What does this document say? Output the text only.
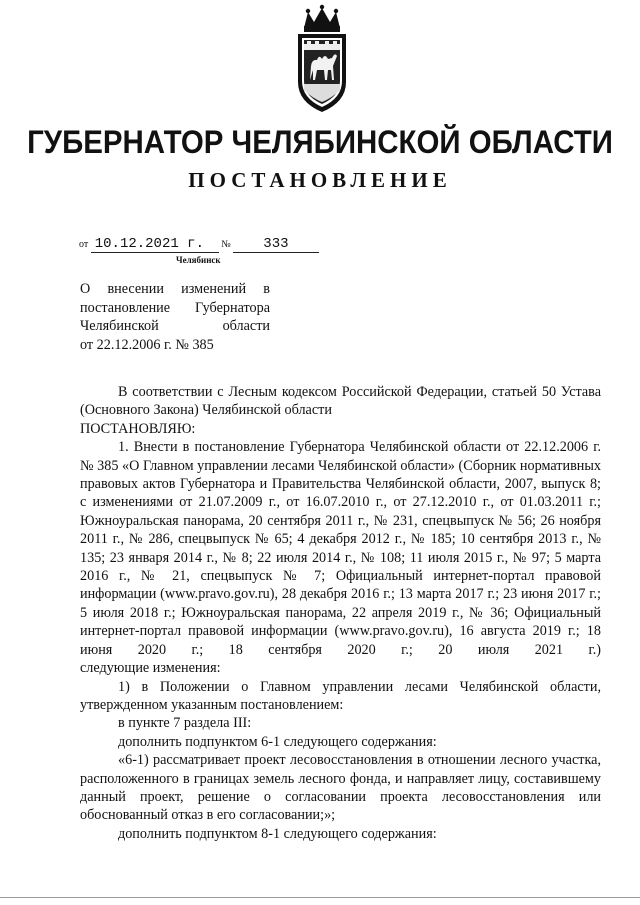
ГУБЕРНАТОР ЧЕЛЯБИНСКОЙ ОБЛАСТИ
ПОСТАНОВЛЕНИЕ
от 10.12.2021 г. № 333
Челябинск
О внесении изменений в
постановление Губернатора
Челябинской области
от 22.12.2006 г. № 385
В соответствии с Лесным кодексом Российской Федерации, статьей 50 Устава (Основного Закона) Челябинской области
ПОСТАНОВЛЯЮ:
1. Внести в постановление Губернатора Челябинской области от 22.12.2006 г. № 385 «О Главном управлении лесами Челябинской области» (Сборник нормативных правовых актов Губернатора и Правительства Челябинской области, 2007, выпуск 8; с изменениями от 21.07.2009 г., от 16.07.2010 г., от 27.12.2010 г., от 01.03.2011 г.; Южноуральская панорама, 20 сентября 2011 г., № 231, спецвыпуск № 56; 26 ноября 2011 г., № 286, спецвыпуск № 65; 4 декабря 2012 г., № 185; 10 сентября 2013 г., № 135; 23 января 2014 г., № 8; 22 июля 2014 г., № 108; 11 июля 2015 г., № 97; 5 марта 2016 г., № 21, спецвыпуск № 7; Официальный интернет-портал правовой информации (www.pravo.gov.ru), 28 декабря 2016 г.; 13 марта 2017 г.; 23 июня 2017 г.; 5 июля 2018 г.; Южноуральская панорама, 22 апреля 2019 г., № 36; Официальный интернет-портал правовой информации (www.pravo.gov.ru), 16 августа 2019 г.; 18 июня 2020 г.; 18 сентября 2020 г.; 20 июля 2021 г.)
следующие изменения:
1) в Положении о Главном управлении лесами Челябинской области, утвержденном указанным постановлением:
в пункте 7 раздела III:
дополнить подпунктом 6-1 следующего содержания:
«6-1) рассматривает проект лесовосстановления в отношении лесного участка, расположенного в границах земель лесного фонда, и направляет лицу, составившему данный проект, решение о согласовании проекта лесовосстановления или обоснованный отказ в его согласовании;»;
дополнить подпунктом 8-1 следующего содержания:
